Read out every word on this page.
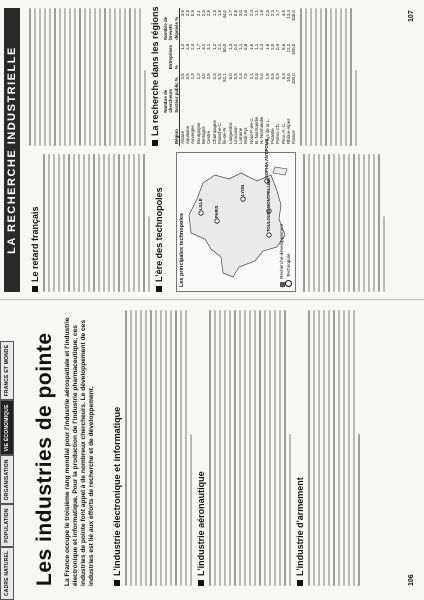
CADRE NATUREL
POPULATION
ORGANISATION
VIE ÉCONOMIQUE
FRANCE ET MONDE Les industries de pointe La France occupe le troisième rang mondial pour l'industrie aérospatiale et l'industrie électronique et informatique. Pour la production de l'industrie pharmaceutique, ces industries de pointe font appel à de nombreux chercheurs. Le développement de ces industries est lié aux efforts de recherche et de développement. L'industrie électronique et informatique	L'industrie aéronautique	L'industrie d'armement
106
LA RECHERCHE INDUSTRIELLE Le retard français	L'ère des technopoles	Les principales technopoles
LILLE
PARIS
LYON
SOPHIA ANTIPOLIS
MONTPELLIER
TOULOUSE
Recherche-développement Technopole
La recherche dans les régions
Région	Nombre de chercheurs Secteur public %	Entreprises %	Nombre de brevets déposés %
Alsace	2,6	1,2	3,6
Aquitaine	3,5	3,5	2,5
Auvergne	1,3	2,4	0,9
Bourgogne	1,3	1,7	2,1
Bretagne	4,0	3,1	2,6
Centre	2,8	3,1	2,8
Champagne	0,5	1,2	1,5
Franche-C.	0,5	2,1	1,5
Île-de-Fr.	52,1	50,0	44,0
Languedoc	6,0	1,3	1,7
Limousin	0,5	0,2	0,5
Lorraine	1,4	1,1	3,0
Midi-Pyr.	7,5	5,5	2,6
Nord-P.-de-C.	2,1	1,8	2,4
B.-Normandie	0,8	1,1	1,1
H.-Normandie	0,6	2,3	1,9
Pays de la L.	1,8	1,8	2,6
Picardie	0,5	2,0	2,3
Poitou-Ch.	0,9	0,9	1,7
Prov.-A.-C.	6,3	5,6	4,5
Rhône-Alpes	10,6	12,2	13,4
France	100,0	100,0	100,0	107
